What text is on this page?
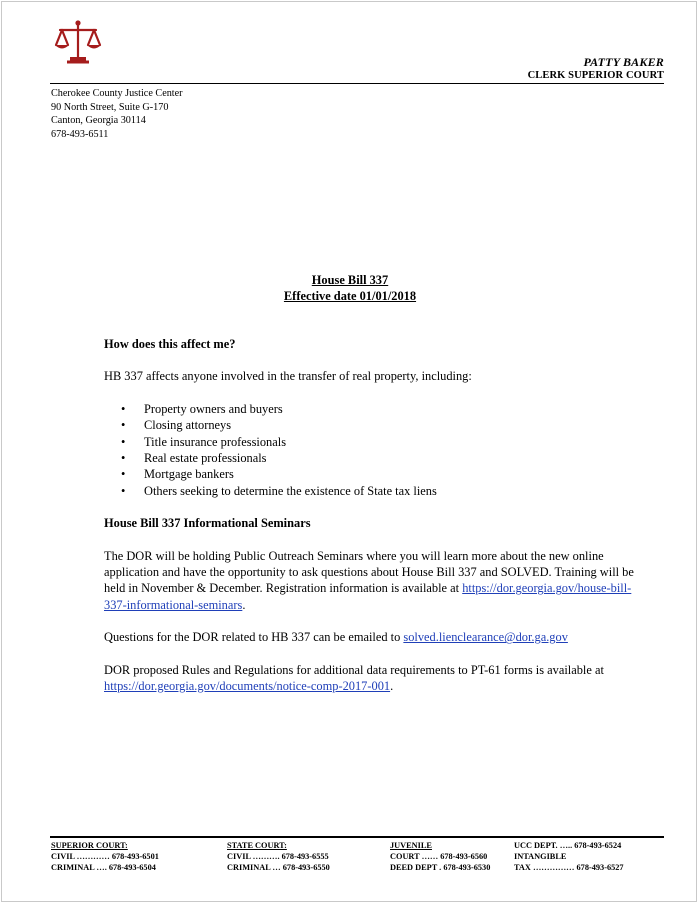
PATTY BAKER
CLERK SUPERIOR COURT
Cherokee County Justice Center
90 North Street, Suite G-170
Canton, Georgia 30114
678-493-6511
House Bill 337
Effective date 01/01/2018

How does this affect me?

HB 337 affects anyone involved in the transfer of real property, including:

• Property owners and buyers
• Closing attorneys
• Title insurance professionals
• Real estate professionals
• Mortgage bankers
• Others seeking to determine the existence of State tax liens

House Bill 337 Informational Seminars

The DOR will be holding Public Outreach Seminars where you will learn more about the new online application and have the opportunity to ask questions about House Bill 337 and SOLVED. Training will be held in November & December. Registration information is available at https://dor.georgia.gov/house-bill-337-informational-seminars.

Questions for the DOR related to HB 337 can be emailed to solved.lienclearance@dor.ga.gov

DOR proposed Rules and Regulations for additional data requirements to PT-61 forms is available at https://dor.georgia.gov/documents/notice-comp-2017-001.

SUPERIOR COURT:
CIVIL ………… 678-493-6501
CRIMINAL …. 678-493-6504
STATE COURT:
CIVIL ………. 678-493-6555
CRIMINAL … 678-493-6550
JUVENILE
COURT …… 678-493-6560
DEED DEPT . 678-493-6530
UCC DEPT. ….. 678-493-6524
INTANGIBLE
TAX …………… 678-493-6527
